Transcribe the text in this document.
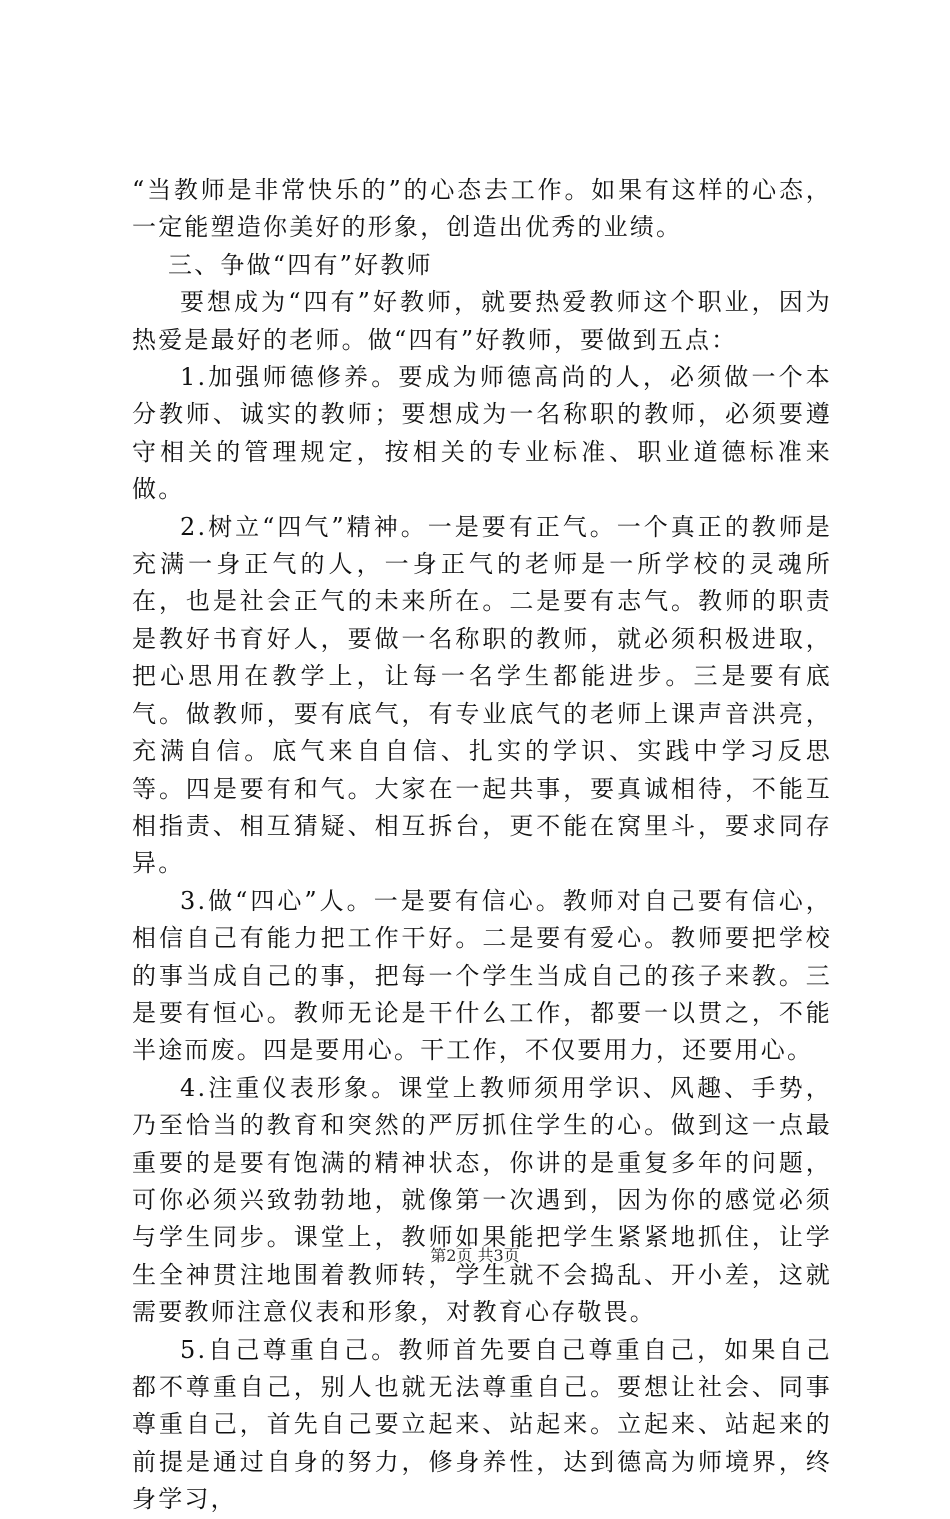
“当教师是非常快乐的”的心态去工作。如果有这样的心态，一定能塑造你美好的形象，创造出优秀的业绩。

三、争做“四有”好教师

要想成为“四有”好教师，就要热爱教师这个职业，因为热爱是最好的老师。做“四有”好教师，要做到五点：

1.加强师德修养。要成为师德高尚的人，必须做一个本分教师、诚实的教师；要想成为一名称职的教师，必须要遵守相关的管理规定，按相关的专业标准、职业道德标准来做。

2.树立“四气”精神。一是要有正气。一个真正的教师是充满一身正气的人，一身正气的老师是一所学校的灵魂所在，也是社会正气的未来所在。二是要有志气。教师的职责是教好书育好人，要做一名称职的教师，就必须积极进取，把心思用在教学上，让每一名学生都能进步。三是要有底气。做教师，要有底气，有专业底气的老师上课声音洪亮，充满自信。底气来自自信、扎实的学识、实践中学习反思等。四是要有和气。大家在一起共事，要真诚相待，不能互相指责、相互猜疑、相互拆台，更不能在窝里斗，要求同存异。

3.做“四心”人。一是要有信心。教师对自己要有信心，相信自己有能力把工作干好。二是要有爱心。教师要把学校的事当成自己的事，把每一个学生当成自己的孩子来教。三是要有恒心。教师无论是干什么工作，都要一以贯之，不能半途而废。四是要用心。干工作，不仅要用力，还要用心。

4.注重仪表形象。课堂上教师须用学识、风趣、手势，乃至恰当的教育和突然的严厉抓住学生的心。做到这一点最重要的是要有饱满的精神状态，你讲的是重复多年的问题，可你必须兴致勃勃地，就像第一次遇到，因为你的感觉必须与学生同步。课堂上，教师如果能把学生紧紧地抓住，让学生全神贯注地围着教师转，学生就不会捣乱、开小差，这就需要教师注意仪表和形象，对教育心存敬畏。

5.自己尊重自己。教师首先要自己尊重自己，如果自己都不尊重自己，别人也就无法尊重自己。要想让社会、同事尊重自己，首先自己要立起来、站起来。立起来、站起来的前提是通过自身的努力，修身养性，达到德高为师境界，终身学习，

第2页 共3页
